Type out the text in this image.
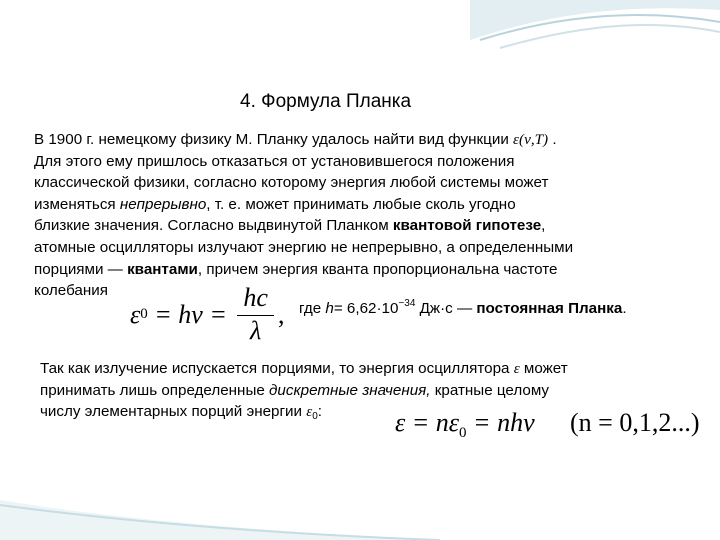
4. Формула Планка
В 1900 г. немецкому физику М. Планку удалось найти вид функции ε(ν,T) .
Для этого ему пришлось отказаться от установившегося положения
классической физики, согласно которому энергия любой системы может
изменяться непрерывно, т. е. может принимать любые сколь угодно
близкие значения. Согласно выдвинутой Планком квантовой гипотезе,
атомные осцилляторы излучают энергию не непрерывно, а определенными
порциями — квантами, причем энергия кванта пропорциональна частоте
колебания
ε $0 = h\nu = \frac{hc}{\lambda}$ , где $h= 6,62\cdot 10^{-34}$ Дж·с — постоянная Планка.
Так как излучение испускается порциями, то энергия осциллятора ε может
принимать лишь определенные дискретные значения, кратные целому
числу элементарных порций энергии $\varepsilon_0$:	$\varepsilon = n\varepsilon_0 = nh\nu$ (n = 0,1,2...)
